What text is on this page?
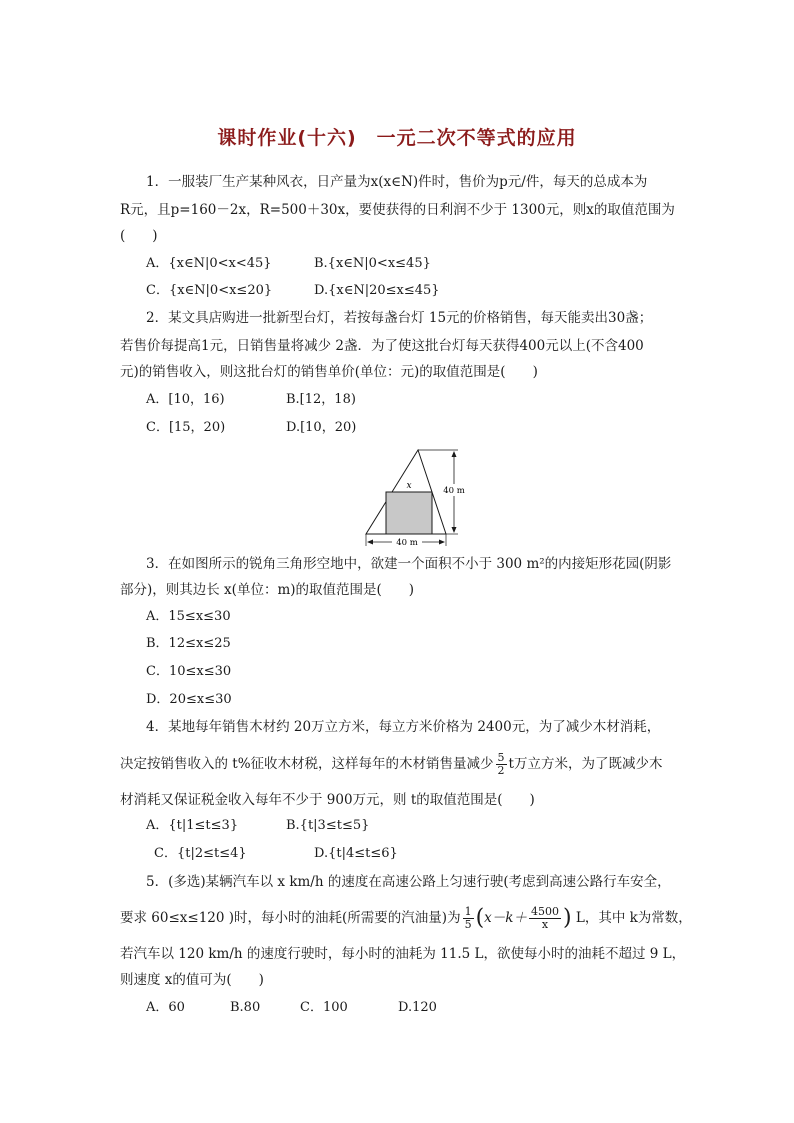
课时作业(十六)　一元二次不等式的应用
1．一服装厂生产某种风衣，日产量为x(x∈N)件时，售价为p元/件，每天的总成本为
R元，且p=160－2x，R=500＋30x，要使获得的日利润不少于 1300元，则x的取值范围为
(　　)
A．{x∈N|0<x<45}	B.{x∈N|0<x≤45}
C．{x∈N|0<x≤20}	D.{x∈N|20≤x≤45}
2．某文具店购进一批新型台灯，若按每盏台灯 15元的价格销售，每天能卖出30盏；
若售价每提高1元，日销售量将减少 2盏．为了使这批台灯每天获得400元以上(不含400
元)的销售收入，则这批台灯的销售单价(单位：元)的取值范围是(　　)
A．[10，16)	B.[12，18)
C．[15，20)	D.[10，20)
40 m
x
40 m
3．在如图所示的锐角三角形空地中，欲建一个面积不小于 300 m²的内接矩形花园(阴影
部分)，则其边长 x(单位：m)的取值范围是(　　)
A．15≤x≤30
B．12≤x≤25
C．10≤x≤30
D．20≤x≤30
4．某地每年销售木材约 20万立方米，每立方米价格为 2400元，为了减少木材消耗，
决定按销售收入的 t%征收木材税，这样每年的木材销售量减少 $\frac{5}{2}$ t万立方米，为了既减少木
材消耗又保证税金收入每年不少于 900万元，则 t的取值范围是(　　)
A．{t|1≤t≤3}	B.{t|3≤t≤5}
C．{t|2≤t≤4}	D.{t|4≤t≤6}
5．(多选)某辆汽车以 x km/h 的速度在高速公路上匀速行驶(考虑到高速公路行车安全，
要求 60≤x≤120 )时，每小时的油耗(所需要的汽油量)为 $\frac{1}{5} (x-k+ \frac{4500}{x}$ ) L，其中 k为常数，
若汽车以 120 km/h 的速度行驶时，每小时的油耗为 11.5 L，欲使每小时的油耗不超过 9 L，
则速度 x的值可为(　　)
A．60	B.80	C．100	D.120
